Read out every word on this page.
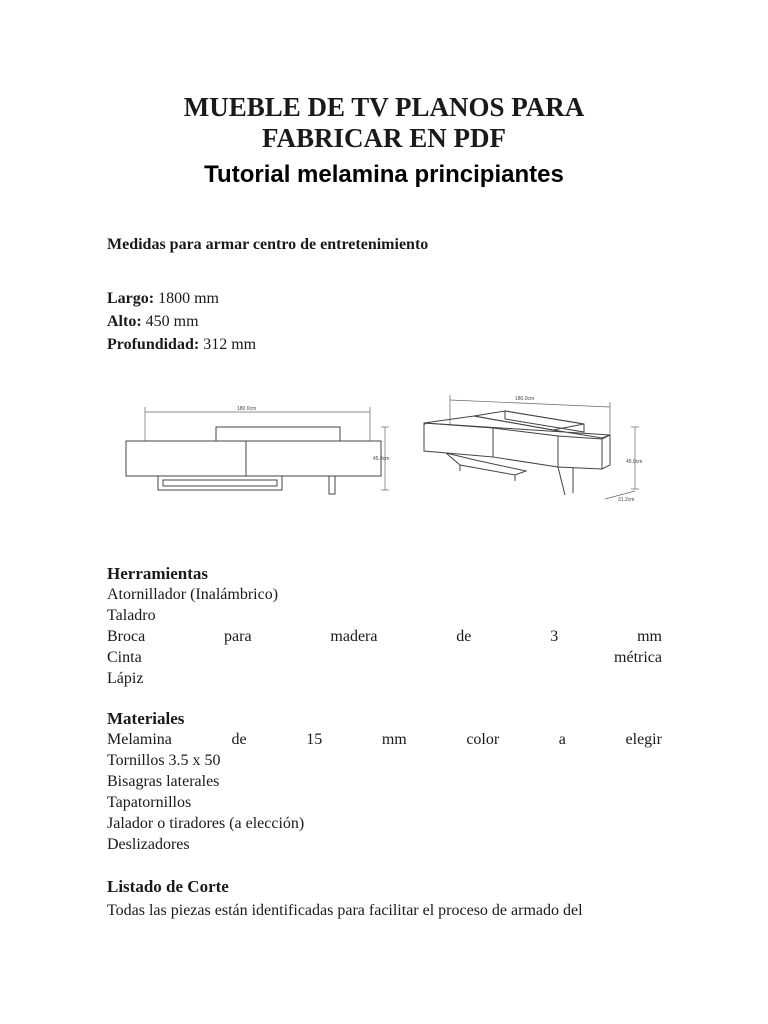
MUEBLE DE TV PLANOS PARA
FABRICAR EN PDF
Tutorial melamina principiantes
Medidas para armar centro de entretenimiento
Largo: 1800 mm
Alto: 450 mm
Profundidad: 312 mm
180.0cm
45.0cm
180.0cm
45.0cm
31.2cm
Herramientas
Atornillador (Inalámbrico)
Taladro
Broca	para	madera	de	3	mm
Cinta	métrica
Lápiz
Materiales
Melamina	de	15	mm	color	a	elegir
Tornillos 3.5 x 50
Bisagras laterales
Tapatornillos
Jalador o tiradores (a elección)
Deslizadores
Listado de Corte
Todas las piezas están identificadas para facilitar el proceso de armado del
